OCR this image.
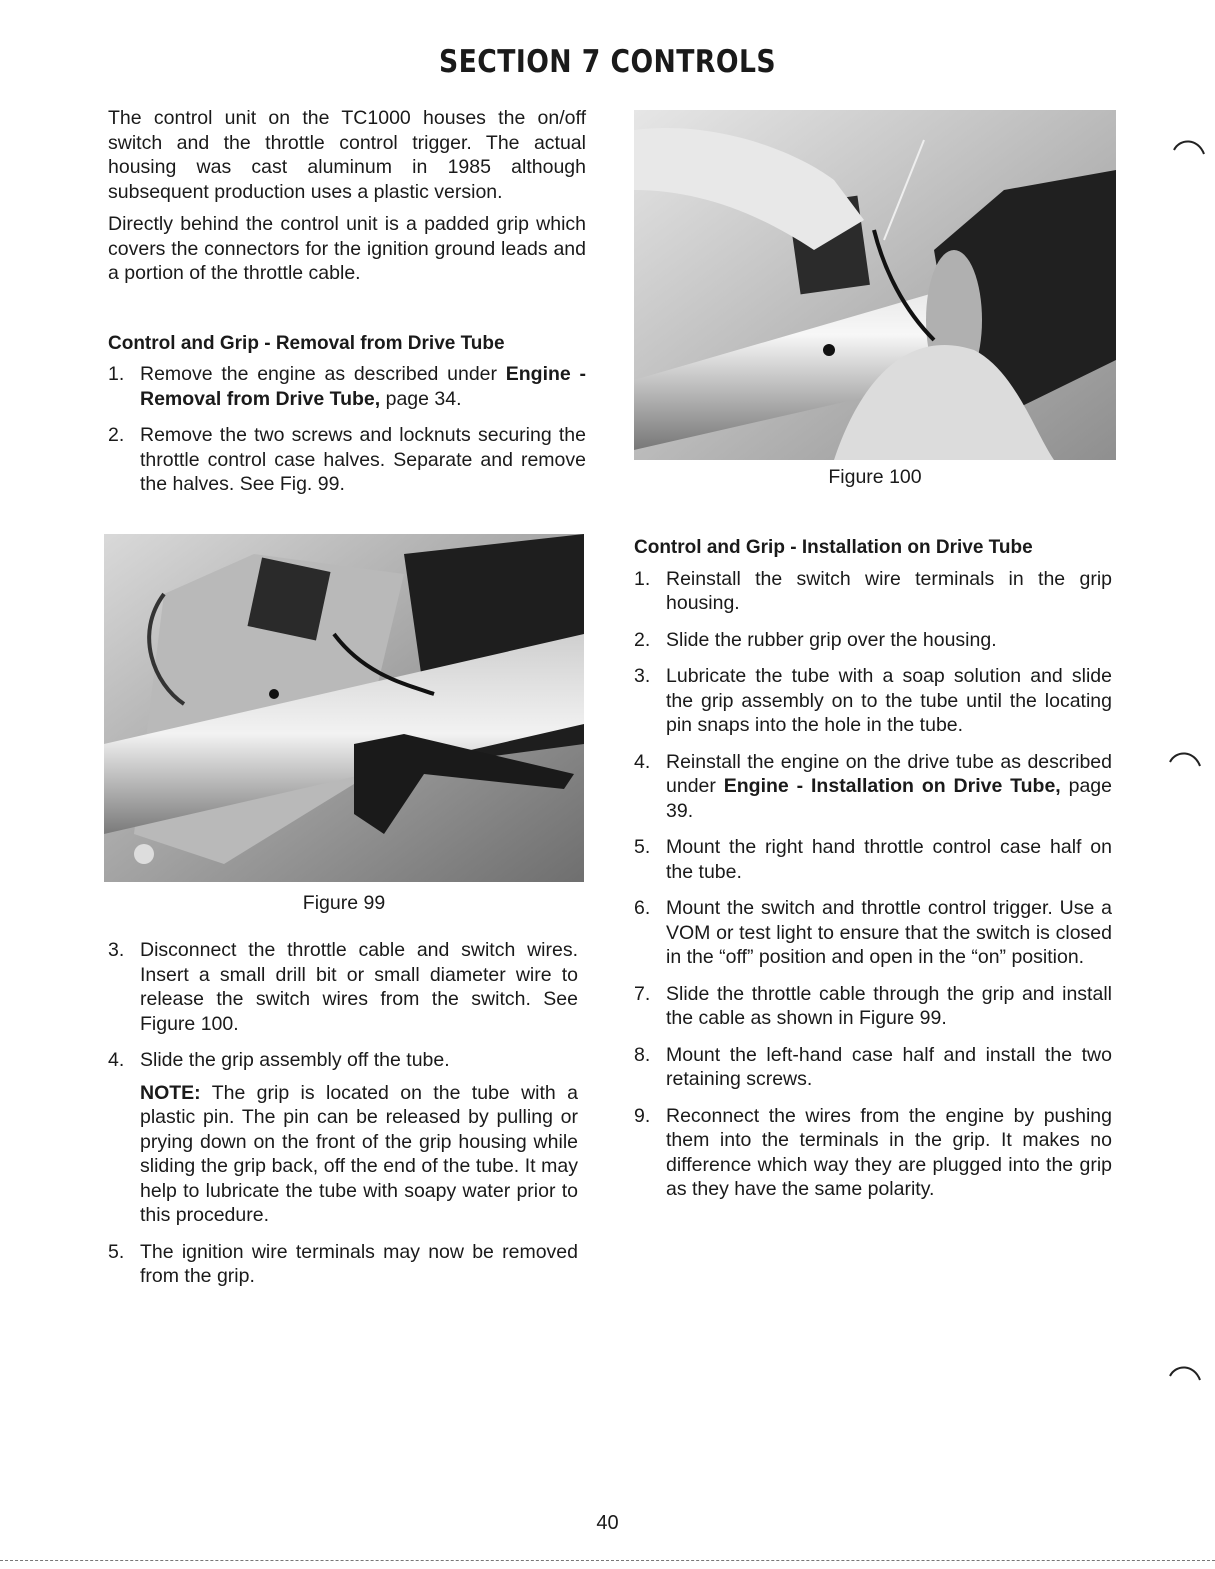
SECTION 7 CONTROLS

The control unit on the TC1000 houses the on/off switch and the throttle control trigger. The actual housing was cast aluminum in 1985 although subsequent production uses a plastic version.

Directly behind the control unit is a padded grip which covers the connectors for the ignition ground leads and a portion of the throttle cable.

Control and Grip - Removal from Drive Tube
1. Remove the engine as described under Engine - Removal from Drive Tube, page 34.
2. Remove the two screws and locknuts securing the throttle control case halves. Separate and remove the halves. See Fig. 99.
Figure 99
3. Disconnect the throttle cable and switch wires. Insert a small drill bit or small diameter wire to release the switch wires from the switch. See Figure 100.
4. Slide the grip assembly off the tube.
NOTE: The grip is located on the tube with a plastic pin. The pin can be released by pulling or prying down on the front of the grip housing while sliding the grip back, off the end of the tube. It may help to lubricate the tube with soapy water prior to this procedure.
5. The ignition wire terminals may now be removed from the grip.
Figure 100
Control and Grip - Installation on Drive Tube
1. Reinstall the switch wire terminals in the grip housing.
2. Slide the rubber grip over the housing.
3. Lubricate the tube with a soap solution and slide the grip assembly on to the tube until the locating pin snaps into the hole in the tube.
4. Reinstall the engine on the drive tube as described under Engine - Installation on Drive Tube, page 39.
5. Mount the right hand throttle control case half on the tube.
6. Mount the switch and throttle control trigger. Use a VOM or test light to ensure that the switch is closed in the “off” position and open in the “on” position.
7. Slide the throttle cable through the grip and install the cable as shown in Figure 99.
8. Mount the left-hand case half and install the two retaining screws.
9. Reconnect the wires from the engine by pushing them into the terminals in the grip. It makes no difference which way they are plugged into the grip as they have the same polarity.
40
